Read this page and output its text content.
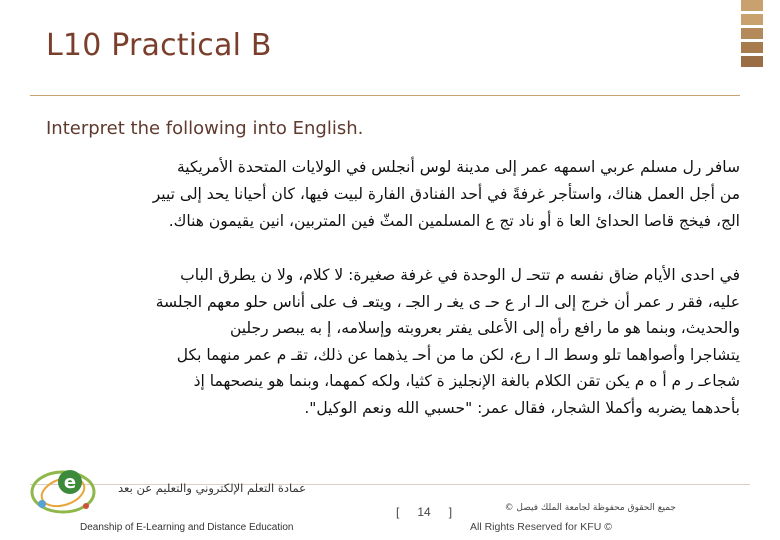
L10 Practical B
Interpret the following into English.
سافر رل مسلم عربي اسمهه عمر إلى مدينة لوس أنجلس في الولايات المتحدة الأمريكية
من أجل العمل هناك، واستأجر غرفةً في أحد الفنادق الفارة لبيت فيها، كان أحيانا يحد إلى تيير
الج، فيخج قاصا الحدائ العا ة أو ناد تج ع المسلمين المثّ فين المتربين، انين يقيمون هناك.
في احدى الأيام ضاق نفسه م تتحـ ل الوحدة في غرفة صغيرة: لا كلام، ولا ن يطرق الباب
عليه، فقر ر عمر أن خرج إلى الـ ار ع حـ ى يغـ ر الجـ ، ويتعـ ف على أناس حلو معهم الجلسة
والحديث، وبنما هو ما رافع رأه إلى الأعلى يفتر بعروبته وإسلامه، إ به يبصر رجلين
يتشاجرا وأصواهما تلو وسط الـ ا رع، لكن ما من أحـ يذهما عن ذلك، تقـ م عمر منهما بكل
شجاعـ ر م أ ه م يكن تقن الكلام بالغة الإنجليز ة كثيا، ولكه كمهما، وبنما هو ينصحهما إذ
بأحدهما يضربه وأكملا الشجار، فقال عمر: "حسبي الله ونعم الوكيل".
e	عمادة التعلم الإلكتروني والتعليم عن بعد
Deanship of E-Learning and Distance Education
[ 14 ]	جميع الحقوق محفوظة لجامعة الملك فيصل ©
All Rights Reserved for KFU ©
